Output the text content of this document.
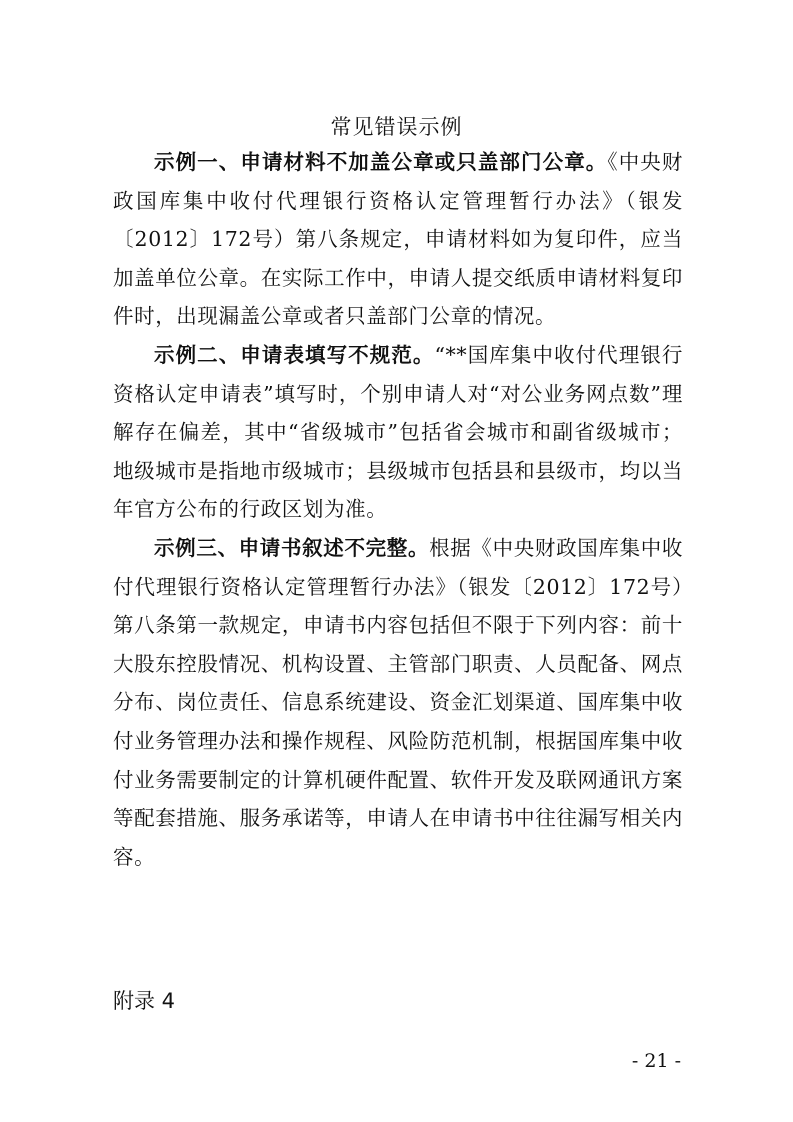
常见错误示例

示例一、申请材料不加盖公章或只盖部门公章。《中央财政国库集中收付代理银行资格认定管理暂行办法》（银发〔2012〕172号）第八条规定，申请材料如为复印件，应当加盖单位公章。在实际工作中，申请人提交纸质申请材料复印件时，出现漏盖公章或者只盖部门公章的情况。

示例二、申请表填写不规范。“**国库集中收付代理银行资格认定申请表”填写时，个别申请人对“对公业务网点数”理解存在偏差，其中“省级城市”包括省会城市和副省级城市；地级城市是指地市级城市；县级城市包括县和县级市，均以当年官方公布的行政区划为准。

示例三、申请书叙述不完整。根据《中央财政国库集中收付代理银行资格认定管理暂行办法》（银发〔2012〕172号）第八条第一款规定，申请书内容包括但不限于下列内容：前十大股东控股情况、机构设置、主管部门职责、人员配备、网点分布、岗位责任、信息系统建设、资金汇划渠道、国库集中收付业务管理办法和操作规程、风险防范机制，根据国库集中收付业务需要制定的计算机硬件配置、软件开发及联网通讯方案等配套措施、服务承诺等，申请人在申请书中往往漏写相关内容。

附录 4
- 21 -
